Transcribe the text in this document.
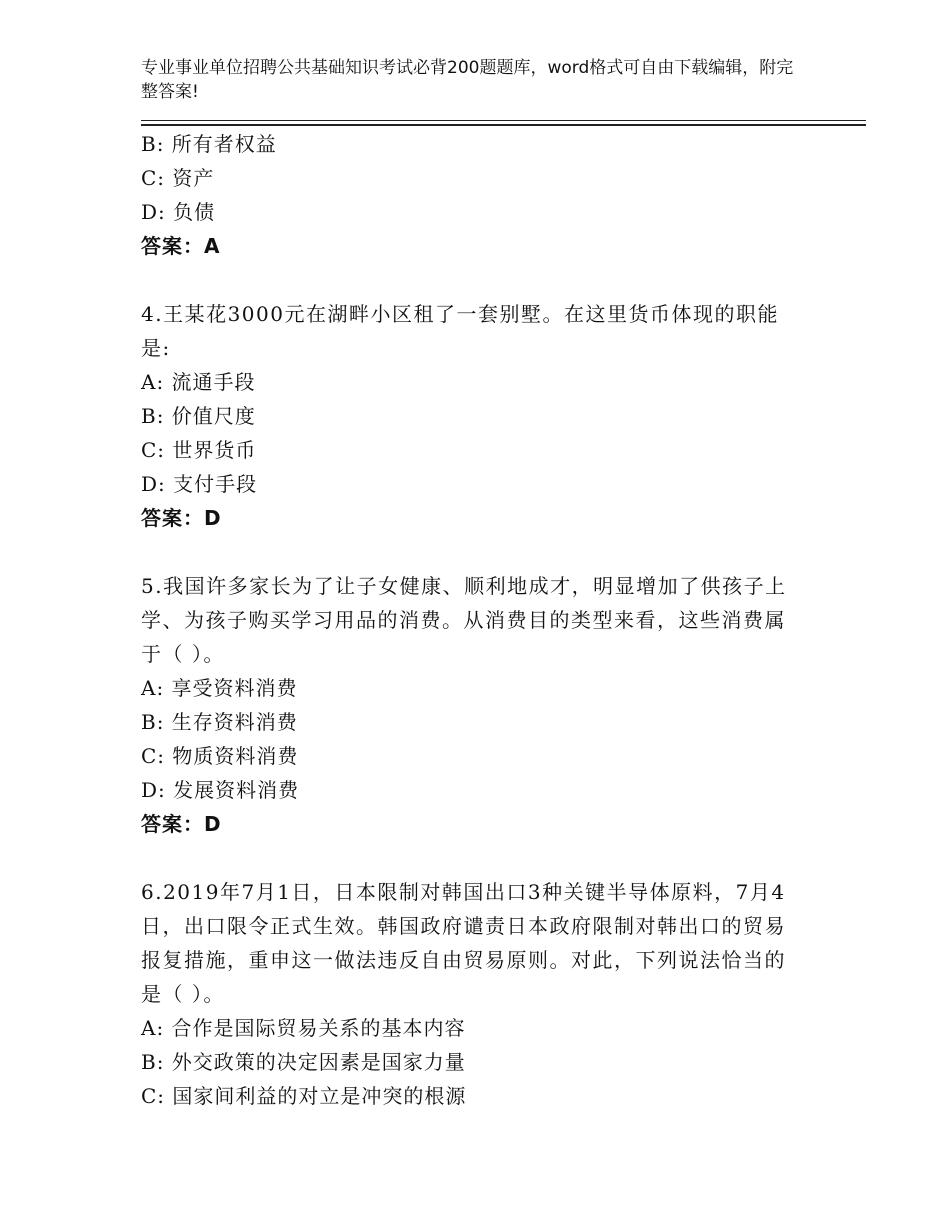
专业事业单位招聘公共基础知识考试必背200题题库，word格式可自由下载编辑，附完整答案!
B: 所有者权益
C: 资产
D: 负债
答案：A
4.王某花3000元在湖畔小区租了一套别墅。在这里货币体现的职能
是:
A: 流通手段
B: 价值尺度
C: 世界货币
D: 支付手段
答案：D
5.我国许多家长为了让子女健康、顺利地成才，明显增加了供孩子上
学、为孩子购买学习用品的消费。从消费目的类型来看，这些消费属
于（ ）。
A: 享受资料消费
B: 生存资料消费
C: 物质资料消费
D: 发展资料消费
答案：D
6.2019年7月1日，日本限制对韩国出口3种关键半导体原料，7月4
日，出口限令正式生效。韩国政府谴责日本政府限制对韩出口的贸易
报复措施，重申这一做法违反自由贸易原则。对此，下列说法恰当的
是（ ）。
A: 合作是国际贸易关系的基本内容
B: 外交政策的决定因素是国家力量
C: 国家间利益的对立是冲突的根源
